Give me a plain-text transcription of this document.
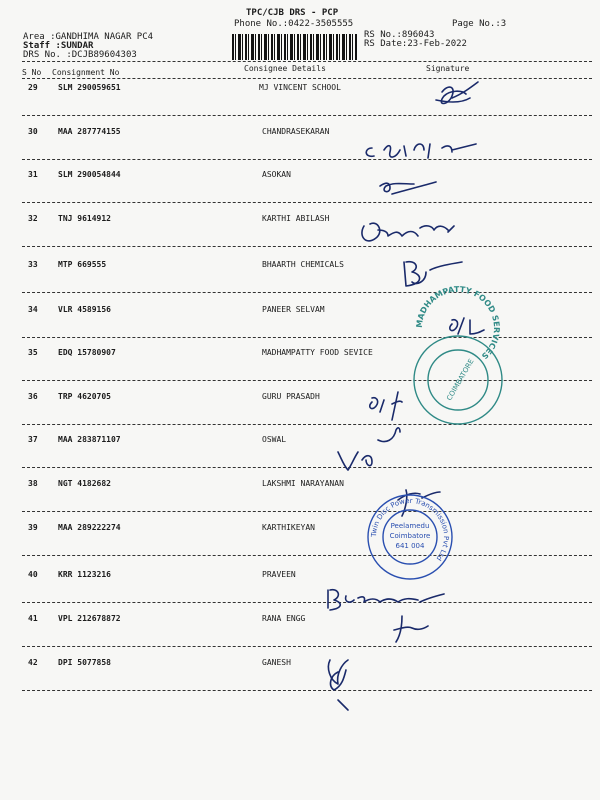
TPC/CJB DRS - PCP
Phone No.:0422-3505555	Page No.:3
Area :GANDHIMA NAGAR PC4
Staff :SUNDAR
DRS No. :DCJB89604303
RS No.:896043
RS Date:23-Feb-2022
S No Consignment No	Consignee Details	Signature
29	SLM 290059651	MJ VINCENT SCHOOL
30	MAA 287774155	CHANDRASEKARAN
31	SLM 290054844	ASOKAN
32	TNJ 9614912	KARTHI ABILASH
33	MTP 669555	BHAARTH CHEMICALS
34	VLR 4589156	PANEER SELVAM
35	EDQ 15780907	MADHAMPATTY FOOD SEVICE
36	TRP 4620705	GURU PRASADH
37	MAA 283871107	OSWAL
38	NGT 4182682	LAKSHMI NARAYANAN
39	MAA 289222274	KARTHIKEYAN
40	KRR 1123216	PRAVEEN
41	VPL 212678872	RANA ENGG
42	DPI 5077858	GANESH
MADHAMPATTY FOOD SERVICES
COIMBATORE
Twin Disc Power Transmission Pvt Ltd
Peelamedu
Coimbatore
641 004
